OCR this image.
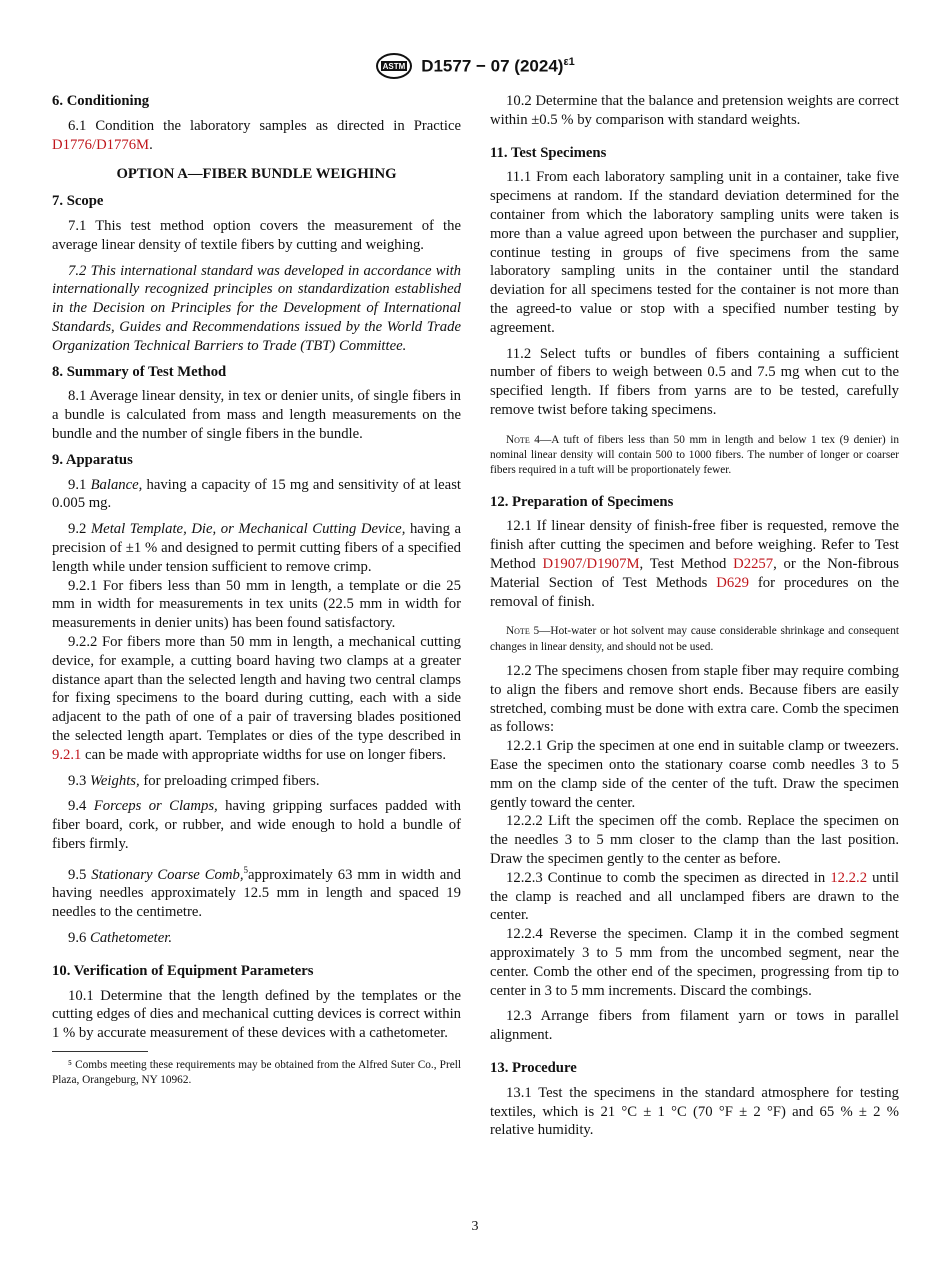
ASTM D1577 − 07 $(2024)^{\varepsilon 1}$
6. Conditioning

6.1 Condition the laboratory samples as directed in Practice D1776/D1776M.

OPTION A—FIBER BUNDLE WEIGHING
7. Scope

7.1 This test method option covers the measurement of the average linear density of textile fibers by cutting and weighing.

7.2 This international standard was developed in accordance with internationally recognized principles on standardization established in the Decision on Principles for the Development of International Standards, Guides and Recommendations issued by the World Trade Organization Technical Barriers to Trade (TBT) Committee.

8. Summary of Test Method

8.1 Average linear density, in tex or denier units, of single fibers in a bundle is calculated from mass and length measurements on the bundle and the number of single fibers in the bundle.

9. Apparatus

9.1 Balance, having a capacity of 15 mg and sensitivity of at least 0.005 mg.

9.2 Metal Template, Die, or Mechanical Cutting Device, having a precision of ±1 % and designed to permit cutting fibers of a specified length while under tension sufficient to remove crimp.

9.2.1 For fibers less than 50 mm in length, a template or die 25 mm in width for measurements in tex units (22.5 mm in width for measurements in denier units) has been found satisfactory.

9.2.2 For fibers more than 50 mm in length, a mechanical cutting device, for example, a cutting board having two clamps at a greater distance apart than the selected length and having two central clamps for fixing specimens to the board during cutting, each with a side adjacent to the path of one of a pair of traversing blades positioned the selected length apart. Templates or dies of the type described in 9.2.1 can be made with appropriate widths for use on longer fibers.

9.3 Weights, for preloading crimped fibers.

9.4 Forceps or Clamps, having gripping surfaces padded with fiber board, cork, or rubber, and wide enough to hold a bundle of fibers firmly.

9.5 Stationary Coarse Comb,$^5$approximately 63 mm in width and having needles approximately 12.5 mm in length and spaced 19 needles to the centimetre.

9.6 Cathetometer.

10. Verification of Equipment Parameters

10.1 Determine that the length defined by the templates or the cutting edges of dies and mechanical cutting devices is correct within 1 % by accurate measurement of these devices with a cathetometer.

⁵ Combs meeting these requirements may be obtained from the Alfred Suter Co., Prell Plaza, Orangeburg, NY 10962.

10.2 Determine that the balance and pretension weights are correct within ±0.5 % by comparison with standard weights.

11. Test Specimens

11.1 From each laboratory sampling unit in a container, take five specimens at random. If the standard deviation determined for the container from which the laboratory sampling units were taken is more than a value agreed upon between the purchaser and supplier, continue testing in groups of five specimens from the same laboratory sampling units in the container until the standard deviation for all specimens tested for the container is not more than the agreed-to value or stop with a specified number testing by agreement.

11.2 Select tufts or bundles of fibers containing a sufficient number of fibers to weigh between 0.5 and 7.5 mg when cut to the specified length. If fibers from yarns are to be tested, carefully remove twist before taking specimens.

Note 4—A tuft of fibers less than 50 mm in length and below 1 tex (9 denier) in nominal linear density will contain 500 to 1000 fibers. The number of longer or coarser fibers required in a tuft will be proportionately fewer.

12. Preparation of Specimens

12.1 If linear density of finish-free fiber is requested, remove the finish after cutting the specimen and before weighing. Refer to Test Method D1907/D1907M, Test Method D2257, or the Non-fibrous Material Section of Test Methods D629 for procedures on the removal of finish.

Note 5—Hot-water or hot solvent may cause considerable shrinkage and consequent changes in linear density, and should not be used.

12.2 The specimens chosen from staple fiber may require combing to align the fibers and remove short ends. Because fibers are easily stretched, combing must be done with extra care. Comb the specimen as follows:

12.2.1 Grip the specimen at one end in suitable clamp or tweezers. Ease the specimen onto the stationary coarse comb needles 3 to 5 mm on the clamp side of the center of the tuft. Draw the specimen gently toward the center.

12.2.2 Lift the specimen off the comb. Replace the specimen on the needles 3 to 5 mm closer to the clamp than the last position. Draw the specimen gently to the center as before.

12.2.3 Continue to comb the specimen as directed in 12.2.2 until the clamp is reached and all unclamped fibers are drawn to the center.

12.2.4 Reverse the specimen. Clamp it in the combed segment approximately 3 to 5 mm from the uncombed segment, near the center. Comb the other end of the specimen, progressing from tip to center in 3 to 5 mm increments. Discard the combings.

12.3 Arrange fibers from filament yarn or tows in parallel alignment.

13. Procedure

13.1 Test the specimens in the standard atmosphere for testing textiles, which is 21 °C ± 1 °C (70 °F ± 2 °F) and 65 % ± 2 % relative humidity.

3
